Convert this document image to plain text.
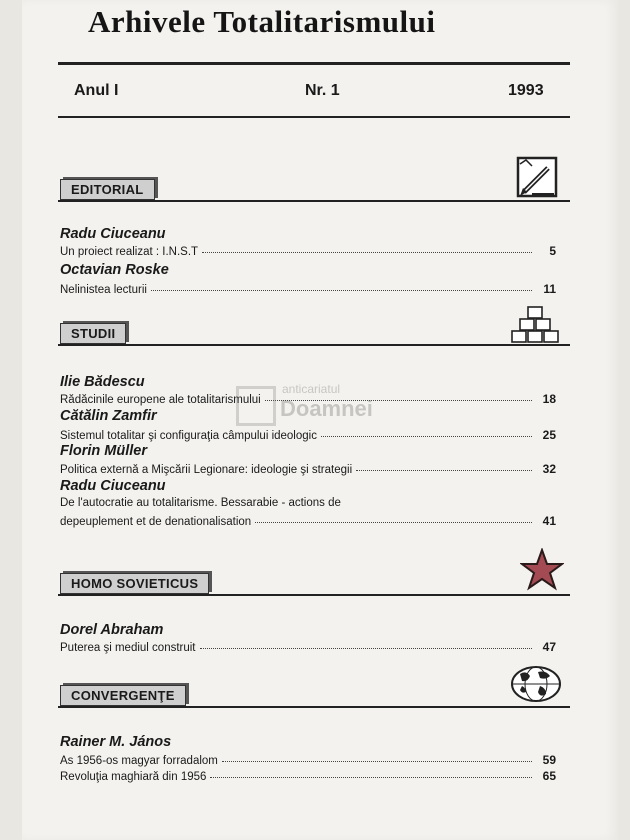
Arhivele Totalitarismului
Anul I	Nr. 1	1993
EDITORIAL
Radu Ciuceanu
Un proiect realizat : I.N.S.T	5
Octavian Roske
Nelinistea lecturii	11
STUDII
Ilie Bădescu
Rădăcinile europene ale totalitarismului	18
Cătălin Zamfir
Sistemul totalitar şi configuraţia câmpului ideologic	25
Florin Müller
Politica externă a Mişcării Legionare: ideologie şi strategii	32
Radu Ciuceanu
De l'autocratie au totalitarisme. Bessarabie - actions de
depeuplement et de denationalisation	41
HOMO SOVIETICUS
Dorel Abraham
Puterea şi mediul construit	47
CONVERGENŢE
Rainer M. János
As 1956-os magyar forradalom	59
Revoluţia maghiară din 1956	65
anticariatul
Doamnei
